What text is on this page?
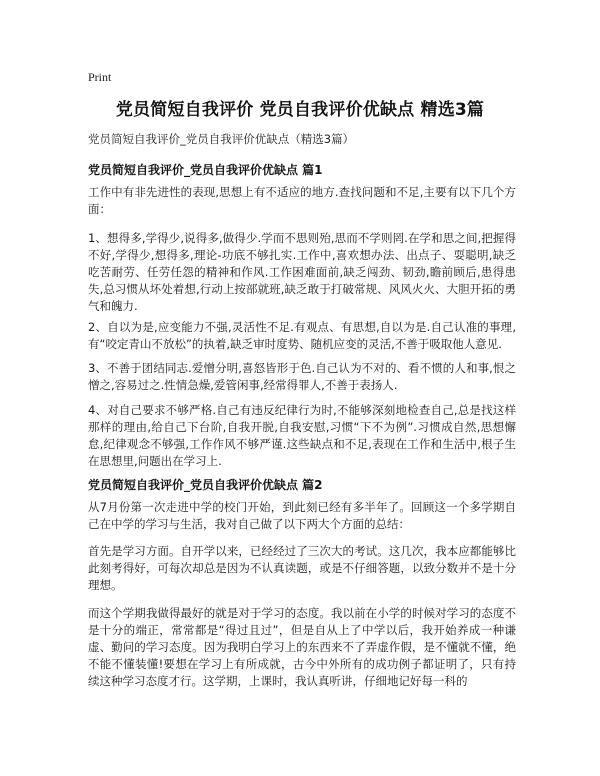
Print
党员简短自我评价 党员自我评价优缺点 精选3篇
党员简短自我评价_党员自我评价优缺点（精选3篇）
党员简短自我评价_党员自我评价优缺点 篇1
工作中有非先进性的表现,思想上有不适应的地方.查找问题和不足,主要有以下几个方面：
1、想得多,学得少,说得多,做得少.学而不思则殆,思而不学则罔.在学和思之间,把握得不好,学得少,想得多,理论-功底不够扎实.工作中,喜欢想办法、出点子、耍聪明,缺乏吃苦耐劳、任劳任怨的精神和作风.工作困难面前,缺乏闯劲、韧劲,瞻前顾后,患得患失,总习惯从坏处着想,行动上按部就班,缺乏敢于打破常规、风风火火、大胆开拓的勇气和魄力.
2、自以为是,应变能力不强,灵活性不足.有观点、有思想,自以为是.自己认准的事理,有“咬定青山不放松”的执着,缺乏审时度势、随机应变的灵活,不善于吸取他人意见.
3、不善于团结同志.爱憎分明,喜怒皆形于色.自己认为不对的、看不惯的人和事,恨之憎之,容易过之.性情急燥,爱管闲事,经常得罪人,不善于表扬人.
4、对自己要求不够严格.自己有违反纪律行为时,不能够深刻地检查自己,总是找这样那样的理由,给自己下台阶,自我开脱,自我安慰,习惯“下不为例”.习惯成自然,思想懈怠,纪律观念不够强,工作作风不够严谨.这些缺点和不足,表现在工作和生活中,根子生在思想里,问题出在学习上.
党员简短自我评价_党员自我评价优缺点 篇2
从7月份第一次走进中学的校门开始，到此刻已经有多半年了。回顾这一个多学期自己在中学的学习与生活，我对自己做了以下两大个方面的总结：
首先是学习方面。自开学以来，已经经过了三次大的考试。这几次，我本应都能够比此刻考得好，可每次却总是因为不认真读题，或是不仔细答题，以致分数并不是十分理想。
而这个学期我做得最好的就是对于学习的态度。我以前在小学的时候对学习的态度不是十分的端正，常常都是“得过且过”，但是自从上了中学以后，我开始养成一种谦虚、勤问的学习态度。因为我明白学习上的东西来不了弄虚作假，是不懂就不懂，绝不能不懂装懂!要想在学习上有所成就，古今中外所有的成功例子都证明了，只有持续这种学习态度才行。这学期，上课时，我认真听讲，仔细地记好每一科的
